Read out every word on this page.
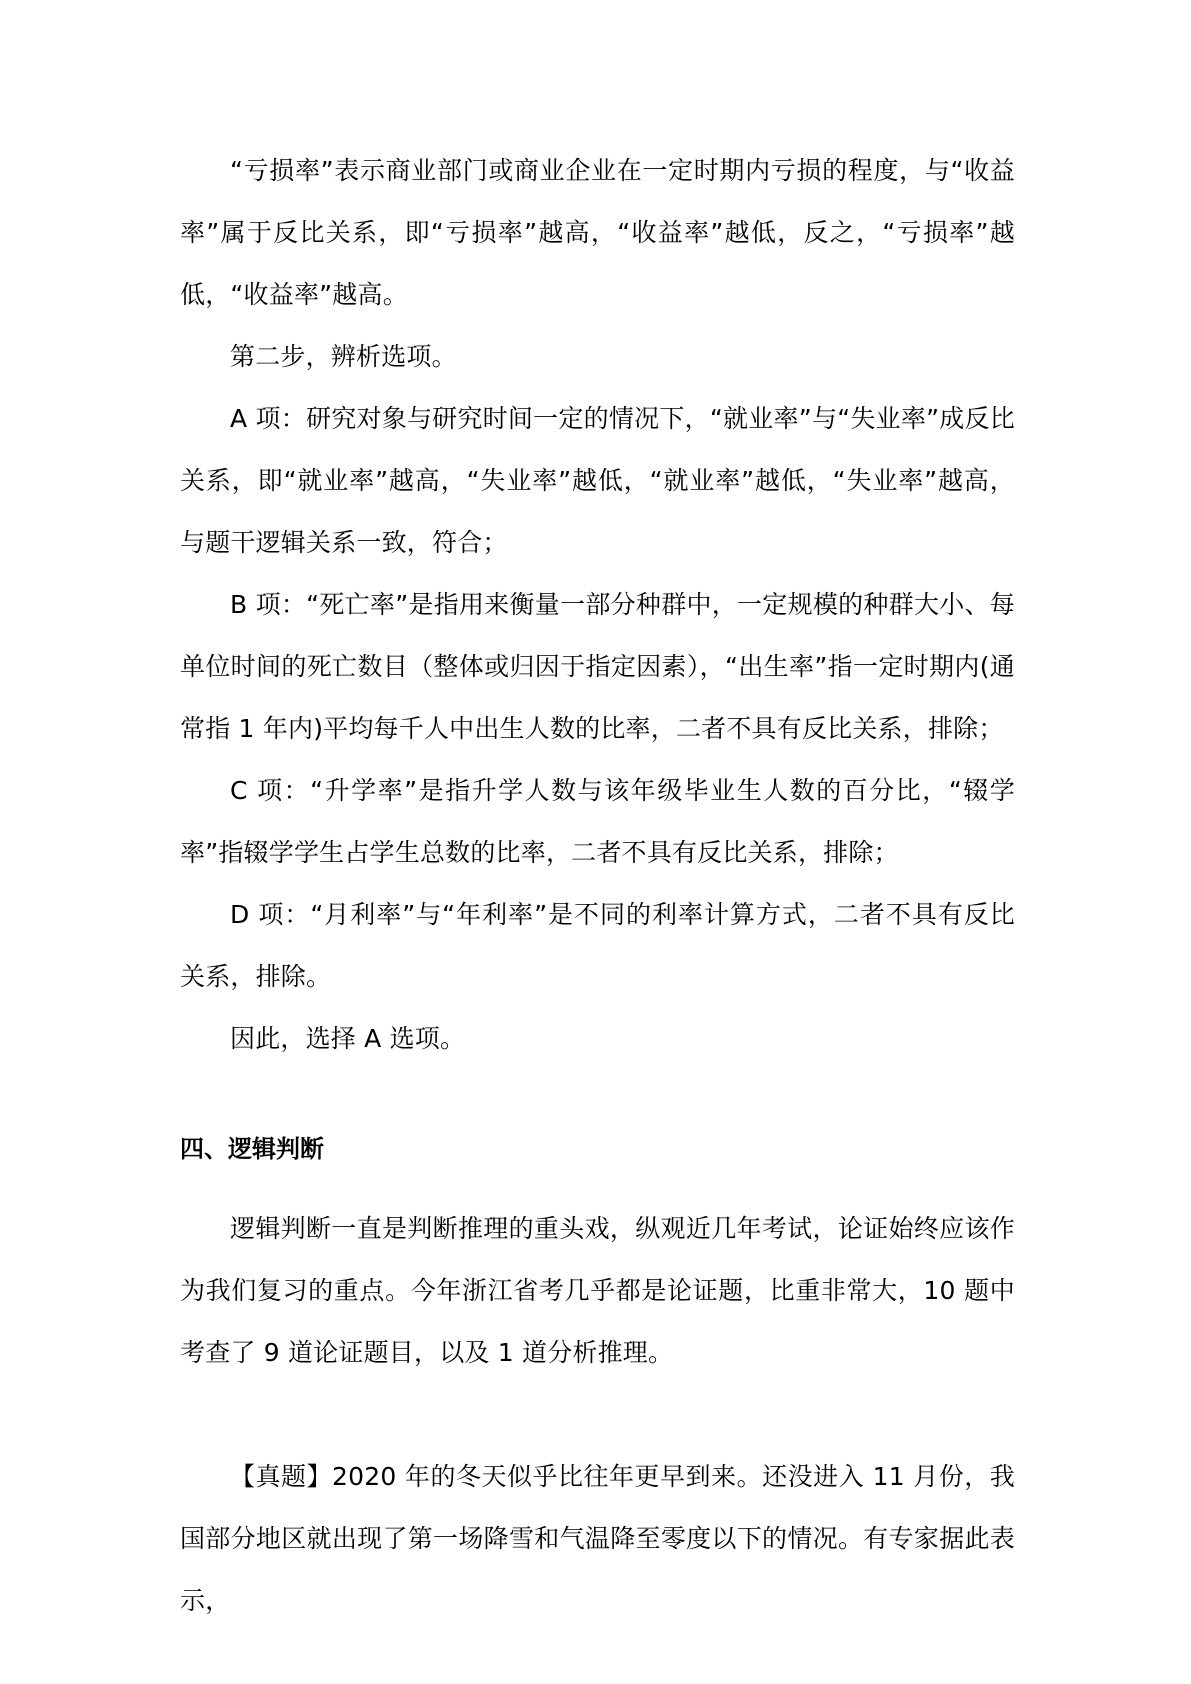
“亏损率”表示商业部门或商业企业在一定时期内亏损的程度，与“收益率”属于反比关系，即“亏损率”越高，“收益率”越低，反之，“亏损率”越低，“收益率”越高。

第二步，辨析选项。

A 项：研究对象与研究时间一定的情况下，“就业率”与“失业率”成反比关系，即“就业率”越高，“失业率”越低，“就业率”越低，“失业率”越高，与题干逻辑关系一致，符合；

B 项：“死亡率”是指用来衡量一部分种群中，一定规模的种群大小、每单位时间的死亡数目（整体或归因于指定因素），“出生率”指一定时期内(通常指 1 年内)平均每千人中出生人数的比率，二者不具有反比关系，排除；

C 项：“升学率”是指升学人数与该年级毕业生人数的百分比，“辍学率”指辍学学生占学生总数的比率，二者不具有反比关系，排除；

D 项：“月利率”与“年利率”是不同的利率计算方式，二者不具有反比关系，排除。

因此，选择 A 选项。

四、逻辑判断

逻辑判断一直是判断推理的重头戏，纵观近几年考试，论证始终应该作为我们复习的重点。今年浙江省考几乎都是论证题，比重非常大，10 题中考查了 9 道论证题目，以及 1 道分析推理。

【真题】2020 年的冬天似乎比往年更早到来。还没进入 11 月份，我国部分地区就出现了第一场降雪和气温降至零度以下的情况。有专家据此表示，
